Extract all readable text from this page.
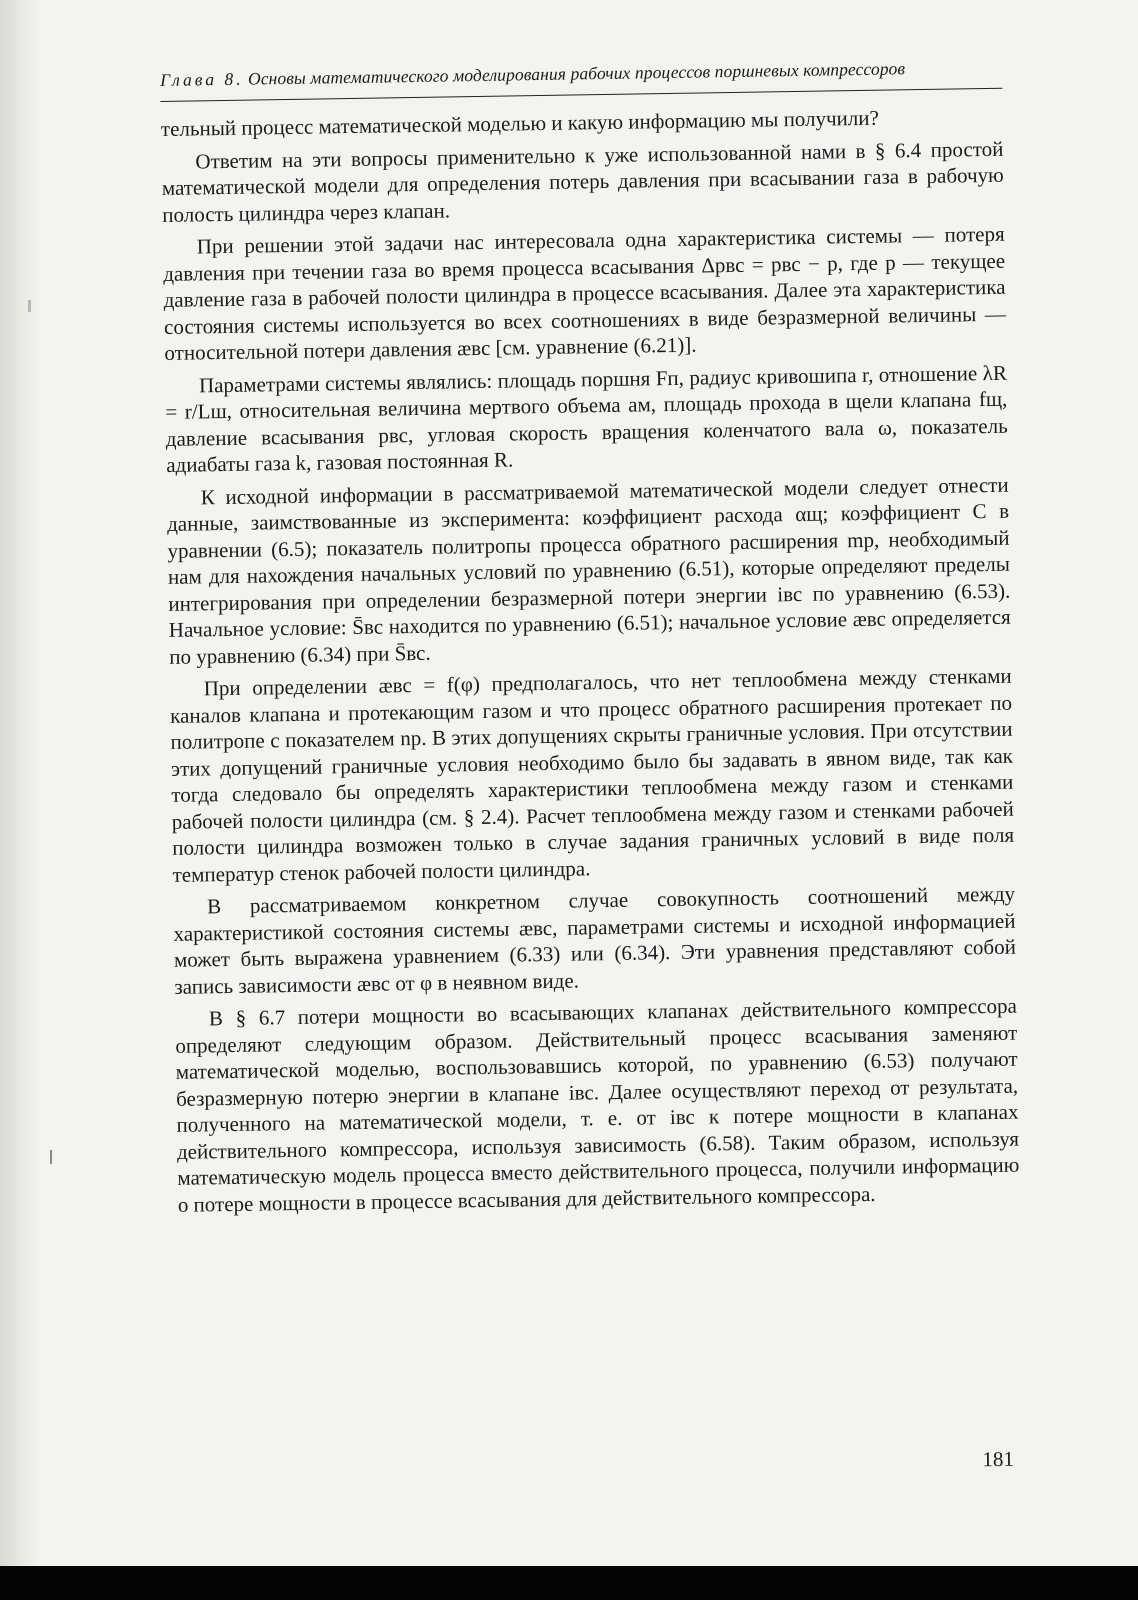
Глава 8. Основы математического моделирования рабочих процессов поршневых компрессоров

тельный процесс математической моделью и какую информацию мы получили?

Ответим на эти вопросы применительно к уже использованной нами в § 6.4 простой математической модели для определения потерь давления при всасывании газа в рабочую полость цилиндра через клапан.

При решении этой задачи нас интересовала одна характеристика системы — потеря давления при течении газа во время процесса всасывания Δpвс = pвс − p, где p — текущее давление газа в рабочей полости цилиндра в процессе всасывания. Далее эта характеристика состояния системы используется во всех соотношениях в виде безразмерной величины — относительной потери давления æвс [см. уравнение (6.21)].

Параметрами системы являлись: площадь поршня Fп, радиус кривошипа r, отношение λR = r/Lш, относительная величина мертвого объема aм, площадь прохода в щели клапана fщ, давление всасывания pвс, угловая скорость вращения коленчатого вала ω, показатель адиабаты газа k, газовая постоянная R.

К исходной информации в рассматриваемой математической модели следует отнести данные, заимствованные из эксперимента: коэффициент расхода αщ; коэффициент C в уравнении (6.5); показатель политропы процесса обратного расширения mр, необходимый нам для нахождения начальных условий по уравнению (6.51), которые определяют пределы интегрирования при определении безразмерной потери энергии iвс по уравнению (6.53). Начальное условие: S̄вс находится по уравнению (6.51); начальное условие æвс определяется по уравнению (6.34) при S̄вс.

При определении æвс = f(φ) предполагалось, что нет теплообмена между стенками каналов клапана и протекающим газом и что процесс обратного расширения протекает по политропе с показателем nр. В этих допущениях скрыты граничные условия. При отсутствии этих допущений граничные условия необходимо было бы задавать в явном виде, так как тогда следовало бы определять характеристики теплообмена между газом и стенками рабочей полости цилиндра (см. § 2.4). Расчет теплообмена между газом и стенками рабочей полости цилиндра возможен только в случае задания граничных условий в виде поля температур стенок рабочей полости цилиндра.

В рассматриваемом конкретном случае совокупность соотношений между характеристикой состояния системы æвс, параметрами системы и исходной информацией может быть выражена уравнением (6.33) или (6.34). Эти уравнения представляют собой запись зависимости æвс от φ в неявном виде.

В § 6.7 потери мощности во всасывающих клапанах действительного компрессора определяют следующим образом. Действительный процесс всасывания заменяют математической моделью, воспользовавшись которой, по уравнению (6.53) получают безразмерную потерю энергии в клапане iвс. Далее осуществляют переход от результата, полученного на математической модели, т. е. от iвс к потере мощности в клапанах действительного компрессора, используя зависимость (6.58). Таким образом, используя математическую модель процесса вместо действительного процесса, получили информацию о потере мощности в процессе всасывания для действительного компрессора.

181
